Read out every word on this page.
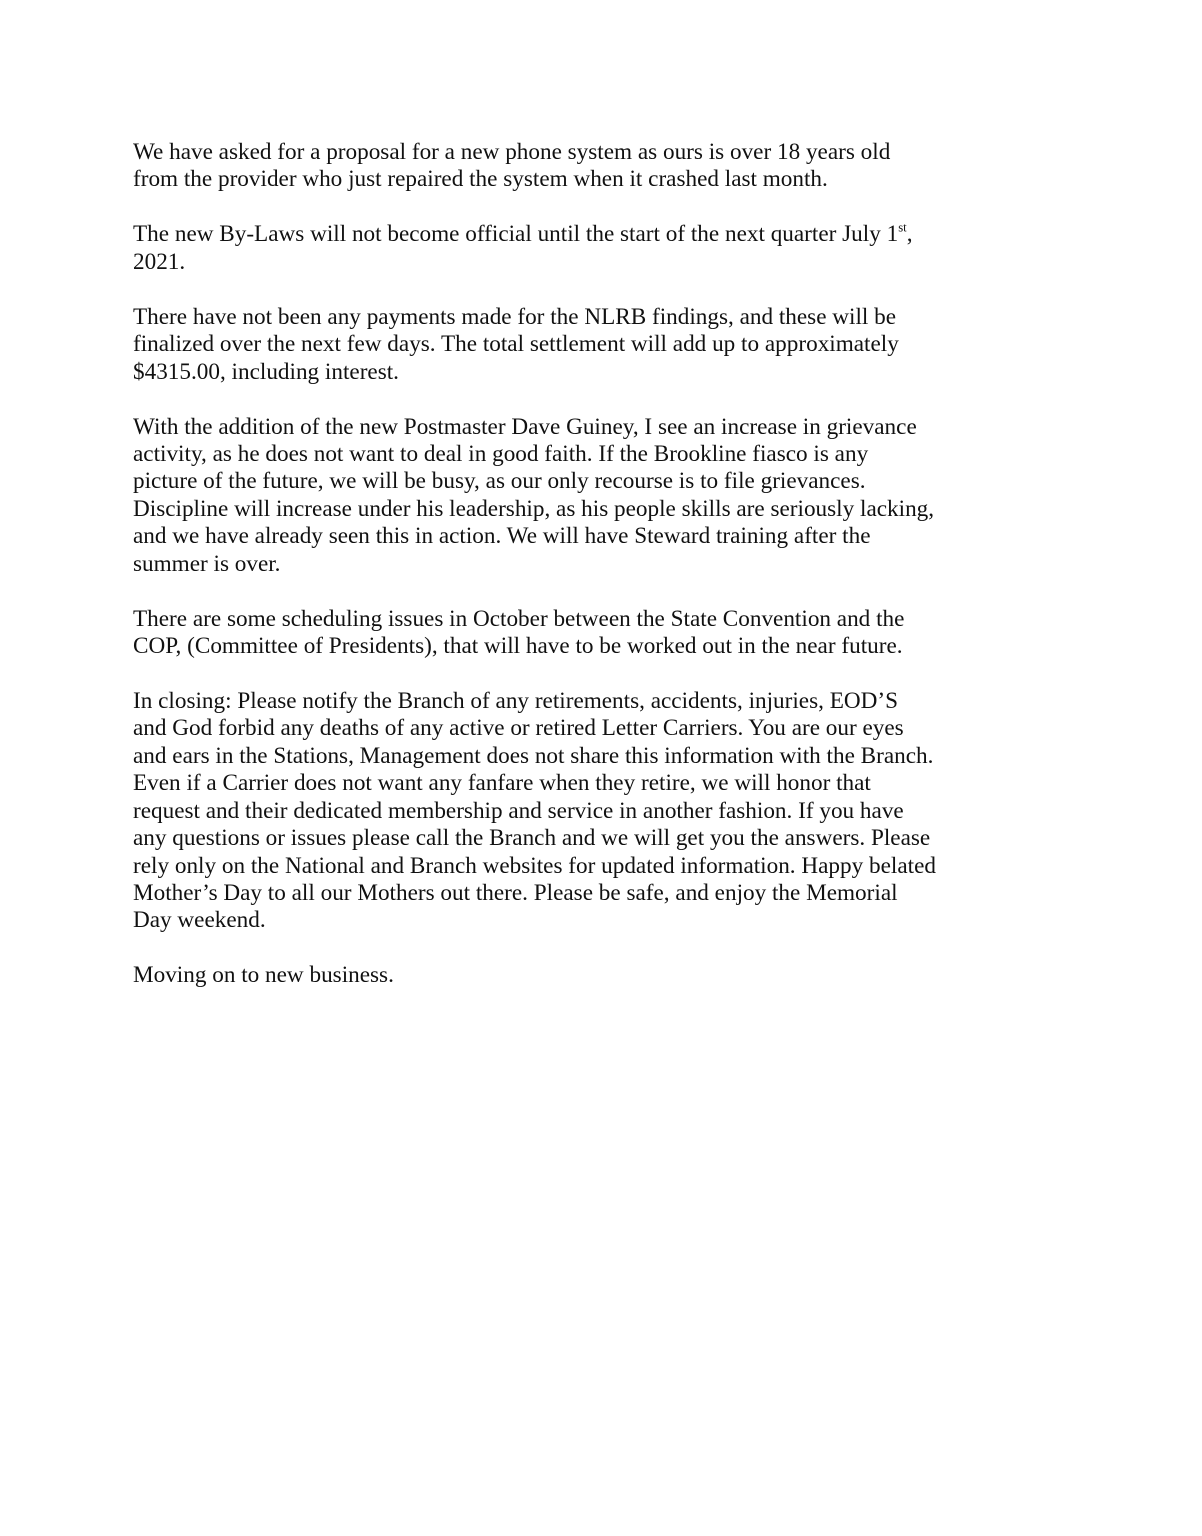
We have asked for a proposal for a new phone system as ours is over 18 years old
from the provider who just repaired the system when it crashed last month.

The new By-Laws will not become official until the start of the next quarter July 1st,
2021.

There have not been any payments made for the NLRB findings, and these will be
finalized over the next few days. The total settlement will add up to approximately
$4315.00, including interest.

With the addition of the new Postmaster Dave Guiney, I see an increase in grievance
activity, as he does not want to deal in good faith. If the Brookline fiasco is any
picture of the future, we will be busy, as our only recourse is to file grievances.
Discipline will increase under his leadership, as his people skills are seriously lacking,
and we have already seen this in action. We will have Steward training after the
summer is over.

There are some scheduling issues in October between the State Convention and the
COP, (Committee of Presidents), that will have to be worked out in the near future.

In closing: Please notify the Branch of any retirements, accidents, injuries, EOD’S
and God forbid any deaths of any active or retired Letter Carriers. You are our eyes
and ears in the Stations, Management does not share this information with the Branch.
Even if a Carrier does not want any fanfare when they retire, we will honor that
request and their dedicated membership and service in another fashion. If you have
any questions or issues please call the Branch and we will get you the answers. Please
rely only on the National and Branch websites for updated information. Happy belated
Mother’s Day to all our Mothers out there. Please be safe, and enjoy the Memorial
Day weekend.

Moving on to new business.
